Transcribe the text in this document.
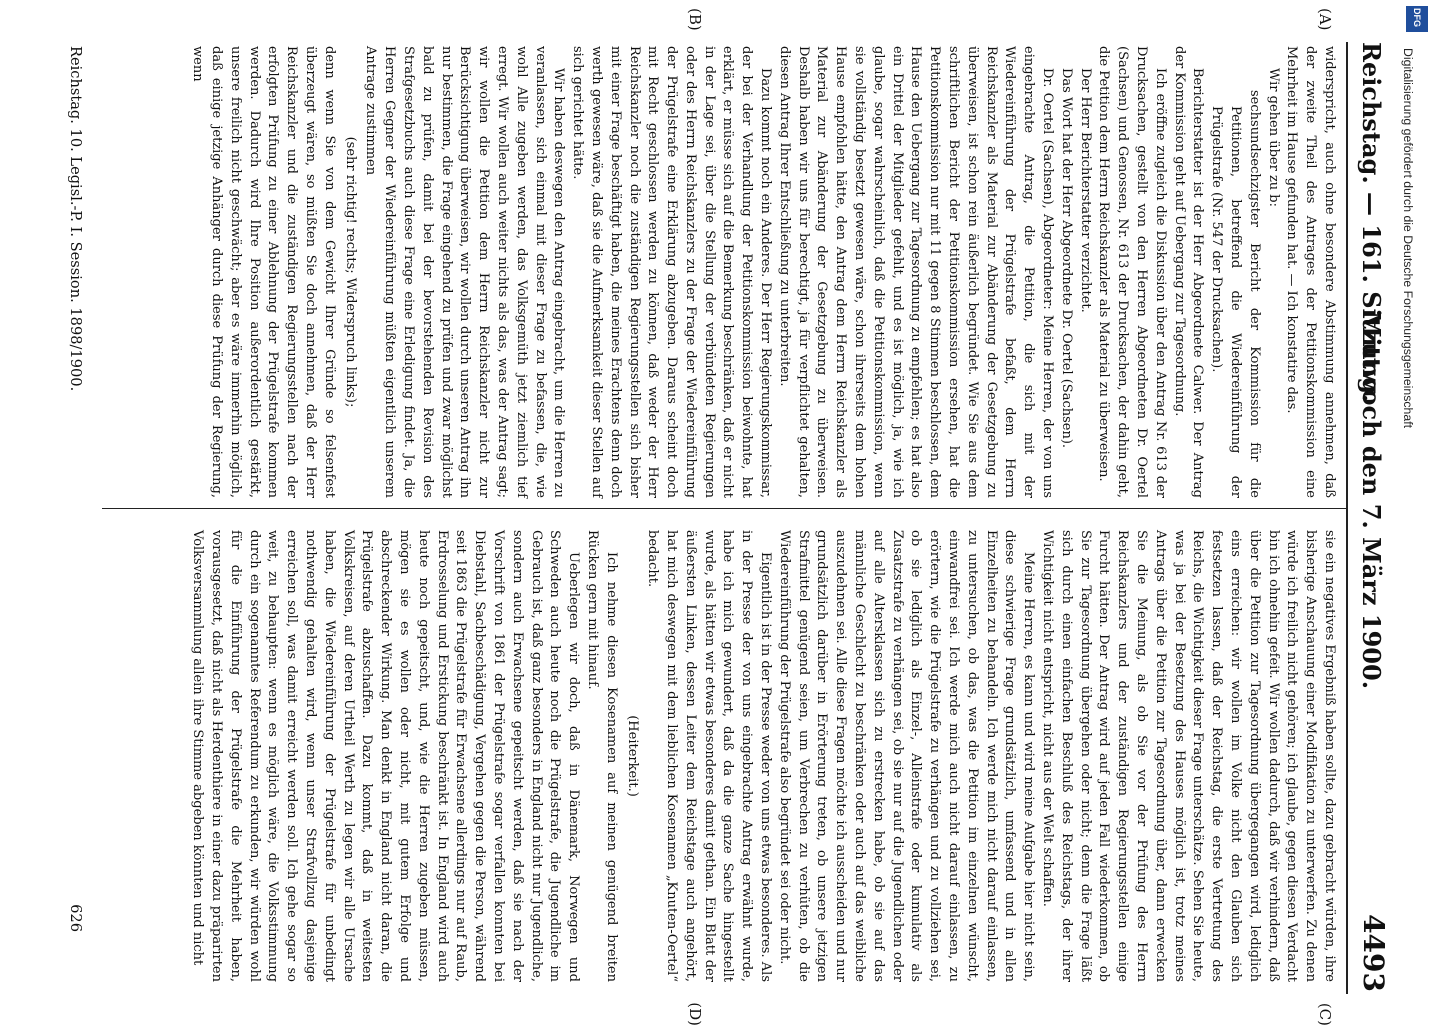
Reichstag. — 161. Sitzung.
Mittwoch den 7. März 1900.
4493
(A)
(B)
(C)
(D)

widerspricht, auch ohne besondere Abstimmung annehmen, daß der zweite Theil des Antrages der Petitionskommission eine Mehrheit im Hause gefunden hat. — Ich konstatire das.

Wir gehen über zu b:

sechsundsechzigster Bericht der Kommission für die Petitionen, betreffend die Wiedereinführung der Prügelstrafe (Nr. 547 der Drucksachen).

Berichterstatter ist der Herr Abgeordnete Calwer. Der Antrag der Kommission geht auf Uebergang zur Tagesordnung.

Ich eröffne zugleich die Diskussion über den Antrag Nr. 613 der Drucksachen, gestellt von den Herren Abgeordneten Dr. Oertel (Sachsen) und Genossen, Nr. 613 der Drucksachen, der dahin geht, die Petition dem Herrn Reichskanzler als Material zu überweisen.

Der Herr Berichterstatter verzichtet.

Das Wort hat der Herr Abgeordnete Dr. Oertel (Sachsen).

Dr. Oertel (Sachsen), Abgeordneter: Meine Herren, der von uns eingebrachte Antrag, die Petition, die sich mit der Wiedereinführung der Prügelstrafe befaßt, dem Herrn Reichskanzler als Material zur Abänderung der Gesetzgebung zu überweisen, ist schon rein äußerlich begründet. Wie Sie aus dem schriftlichen Bericht der Petitionskommission ersehen, hat die Petitionskommission nur mit 11 gegen 8 Stimmen beschlossen, dem Hause den Uebergang zur Tagesordnung zu empfehlen; es hat also ein Drittel der Mitglieder gefehlt, und es ist möglich, ja, wie ich glaube, sogar wahrscheinlich, daß die Petitionskommission, wenn sie vollständig besetzt gewesen wäre, schon ihrerseits dem hohen Hause empfohlen hätte, den Antrag dem Herrn Reichskanzler als Material zur Abänderung der Gesetzgebung zu überweisen. Deshalb haben wir uns für berechtigt, ja für verpflichtet gehalten, diesen Antrag Ihrer Entschließung zu unterbreiten.

Dazu kommt noch ein Anderes. Der Herr Regierungskommissar, der bei der Verhandlung der Petitionskommission beiwohnte, hat erklärt, er müsse sich auf die Bemerkung beschränken, daß er nicht in der Lage sei, über die Stellung der verbündeten Regierungen oder des Herrn Reichskanzlers zu der Frage der Wiedereinführung der Prügelstrafe eine Erklärung abzugeben. Daraus scheint doch mit Recht geschlossen werden zu können, daß weder der Herr Reichskanzler noch die zuständigen Regierungsstellen sich bisher mit einer Frage beschäftigt haben, die meines Erachtens denn doch werth gewesen wäre, daß sie die Aufmerksamkeit dieser Stellen auf sich gerichtet hätte.

Wir haben deswegen den Antrag eingebracht, um die Herren zu veranlassen, sich einmal mit dieser Frage zu befassen, die, wie wohl Alle zugeben werden, das Volksgemüth jetzt ziemlich tief erregt. Wir wollen auch weiter nichts als das, was der Antrag sagt; wir wollen die Petition dem Herrn Reichskanzler nicht zur Berücksichtigung überweisen, wir wollen durch unseren Antrag ihn nur bestimmen, die Frage eingehend zu prüfen und zwar möglichst bald zu prüfen, damit bei der bevorstehenden Revision des Strafgesetzbuchs auch diese Frage eine Erledigung findet. Ja, die Herren Gegner der Wiedereinführung müßten eigentlich unserem Antrage zustimmen

(sehr richtig! rechts; Widerspruch links);

denn wenn Sie von dem Gewicht Ihrer Gründe so felsenfest überzeugt wären, so müßten Sie doch annehmen, daß der Herr Reichskanzler und die zuständigen Regierungsstellen nach der erfolgten Prüfung zu einer Ablehnung der Prügelstrafe kommen werden. Dadurch wird Ihre Position außerordentlich gestärkt, unsere freilich nicht geschwächt; aber es wäre immerhin möglich, daß einige jetzige Anhänger durch diese Prüfung der Regierung, wenn

sie ein negatives Ergebniß haben sollte, dazu gebracht würden, ihre bisherige Anschauung einer Modifikation zu unterwerfen. Zu denen würde ich freilich nicht gehören; ich glaube, gegen diesen Verdacht bin ich ohnehin gefeit. Wir wollen dadurch, daß wir verhindern, daß über die Petition zur Tagesordnung übergegangen wird, lediglich eins erreichen: wir wollen im Volke nicht den Glauben sich festsetzen lassen, daß der Reichstag, die erste Vertretung des Reichs, die Wichtigkeit dieser Frage unterschätze. Sehen Sie heute, was ja bei der Besetzung des Hauses möglich ist, trotz meines Antrags über die Petition zur Tagesordnung über, dann erwecken Sie die Meinung, als ob Sie vor der Prüfung des Herrn Reichskanzlers und der zuständigen Regierungsstellen einige Furcht hätten. Der Antrag wird auf jeden Fall wiederkommen, ob Sie zur Tagesordnung übergehen oder nicht; denn die Frage läßt sich durch einen einfachen Beschluß des Reichstags, der ihrer Wichtigkeit nicht entspricht, nicht aus der Welt schaffen.

Meine Herren, es kann und wird meine Aufgabe hier nicht sein, diese schwierige Frage grundsätzlich, umfassend und in allen Einzelheiten zu behandeln. Ich werde mich nicht darauf einlassen, zu untersuchen, ob das, was die Petition im einzelnen wünscht, einwandfrei sei. Ich werde mich auch nicht darauf einlassen, zu erörtern, wie die Prügelstrafe zu verhängen und zu vollziehen sei, ob sie lediglich als Einzel-, Alleinstrafe oder kumulativ als Zusatzstrafe zu verhängen sei, ob sie nur auf die Jugendlichen oder auf alle Altersklassen sich zu erstrecken habe, ob sie auf das männliche Geschlecht zu beschränken oder auch auf das weibliche auszudehnen sei. Alle diese Fragen möchte ich ausscheiden und nur grundsätzlich darüber in Erörterung treten, ob unsere jetzigen Strafmittel genügend seien, um Verbrechen zu verhüten, ob die Wiedereinführung der Prügelstrafe also begründet sei oder nicht.

Eigentlich ist in der Presse weder von uns etwas besonderes. Als in der Presse der von uns eingebrachte Antrag erwähnt wurde, habe ich mich gewundert, daß da die ganze Sache hingestellt wurde, als hätten wir etwas besonderes damit gethan. Ein Blatt der äußersten Linken, dessen Leiter dem Reichstage auch angehört, hat mich deswegen mit dem lieblichen Kosenamen „Knuten-Oertel“ bedacht.

(Heiterkeit.)

Ich nehme diesen Kosenamen auf meinen genügend breiten Rücken gern mit hinauf.

Ueberlegen wir doch, daß in Dänemark, Norwegen und Schweden auch heute noch die Prügelstrafe, die Jugendliche im Gebrauch ist, daß ganz besonders in England nicht nur Jugendliche, sondern auch Erwachsene gepeitscht werden, daß sie nach der Vorschrift von 1861 der Prügelstrafe sogar verfallen konnten bei Diebstahl, Sachbeschädigung, Vergehen gegen die Person, während seit 1863 die Prügelstrafe für Erwachsene allerdings nur auf Raub, Erdrosselung und Erstickung beschränkt ist. In England wird auch heute noch gepeitscht, und, wie die Herren zugeben müssen, mögen sie es wollen oder nicht, mit gutem Erfolge und abschreckender Wirkung. Man denkt in England nicht daran, die Prügelstrafe abzuschaffen. Dazu kommt, daß in weitesten Volkskreisen, auf deren Urtheil Werth zu legen wir alle Ursache haben, die Wiedereinführung der Prügelstrafe für unbedingt nothwendig gehalten wird, wenn unser Strafvollzug dasjenige erreichen soll, was damit erreicht werden soll. Ich gehe sogar so weit, zu behaupten: wenn es möglich wäre, die Volksstimmung durch ein sogenanntes Referendum zu erkunden, wir würden wohl für die Einführung der Prügelstrafe die Mehrheit haben, vorausgesetzt, daß nicht als Herdenthiere in einer dazu präparirten Volksversammlung allein ihre Stimme abgeben könnten und nicht

Reichstag. 10. Legisl.-P. I. Session. 1898/1900.
626
DFG
Digitalisierung gefördert durch die Deutsche Forschungsgemeinschaft
